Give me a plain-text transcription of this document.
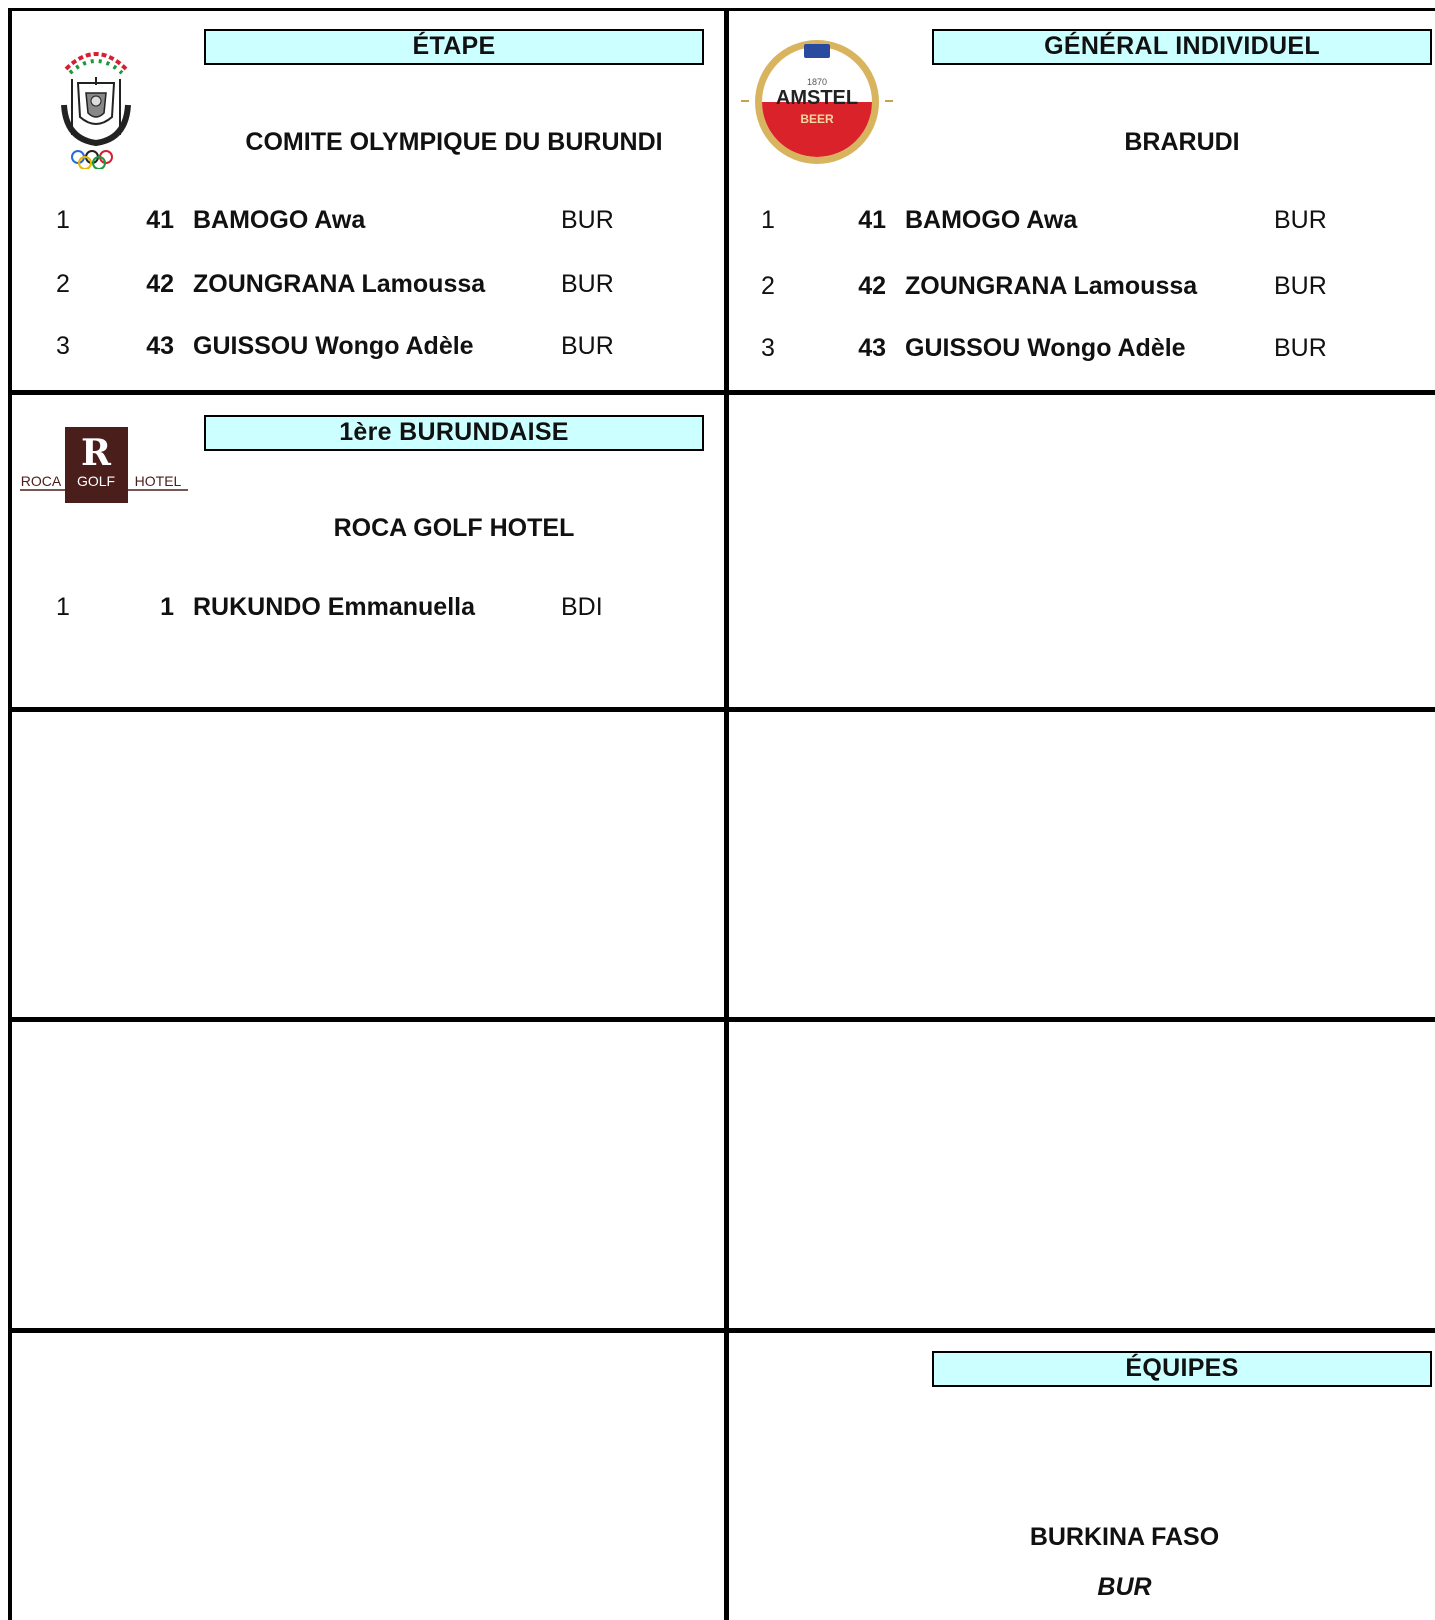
ÉTAPE
COMITE OLYMPIQUE DU BURUNDI
1	41 BAMOGO Awa	BUR
2	42 ZOUNGRANA Lamoussa	BUR
3	43 GUISSOU Wongo Adèle	BUR
1870
AMSTEL
BEER
GÉNÉRAL INDIVIDUEL
BRARUDI
1	41 BAMOGO Awa	BUR
2	42 ZOUNGRANA Lamoussa	BUR
3	43 GUISSOU Wongo Adèle	BUR
R
ROCA GOLF HOTEL
1ère BURUNDAISE
ROCA GOLF HOTEL
1	1 RUKUNDO Emmanuella	BDI
ÉQUIPES
BURKINA FASO
BUR
